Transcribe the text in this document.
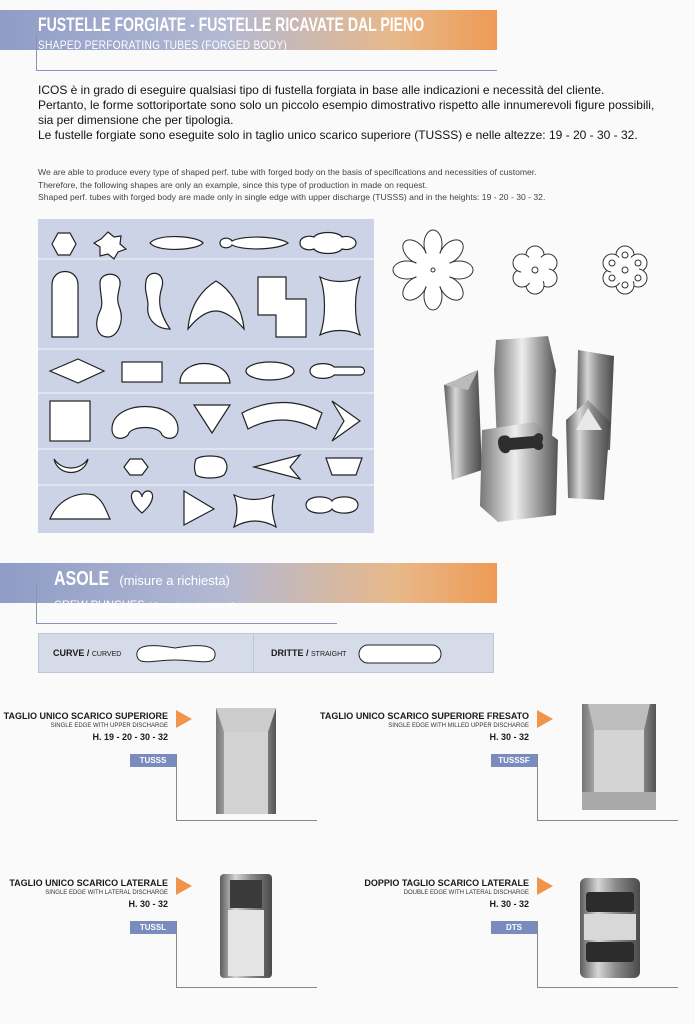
FUSTELLE FORGIATE - FUSTELLE RICAVATE DAL PIENO
SHAPED PERFORATING TUBES (FORGED BODY)
ICOS è in grado di eseguire qualsiasi tipo di fustella forgiata in base alle indicazioni e necessità del cliente.
Pertanto, le forme sottoriportate sono solo un piccolo esempio dimostrativo rispetto alle innumerevoli figure possibili,
sia per dimensione che per tipologia.
Le fustelle forgiate sono eseguite solo in taglio unico scarico superiore (TUSSS) e nelle altezze: 19 - 20 - 30 - 32.
We are able to produce every type of shaped perf. tube with forged body on the basis of specifications and necessities of customer.
Therefore, the following shapes are only an example, since this type of production in made on request.
Shaped perf. tubes with forged body are made only in single edge with upper discharge (TUSSS) and in the heights: 19 - 20 - 30 - 32.
ASOLE (misure a richiesta)
CREW PUNCHES (dimensions on request)
CURVE / CURVED	DRITTE / STRAIGHT
TAGLIO UNICO SCARICO SUPERIORE
SINGLE EDGE WITH UPPER DISCHARGE
H. 19 - 20 - 30 - 32
TUSSS
TAGLIO UNICO SCARICO SUPERIORE FRESATO
SINGLE EDGE WITH MILLED UPPER DISCHARGE
H. 30 - 32
TUSSSF
TAGLIO UNICO SCARICO LATERALE
SINGLE EDGE WITH LATERAL DISCHARGE
H. 30 - 32
TUSSL
DOPPIO TAGLIO SCARICO LATERALE
DOUBLE EDGE WITH LATERAL DISCHARGE
H. 30 - 32
DTS
